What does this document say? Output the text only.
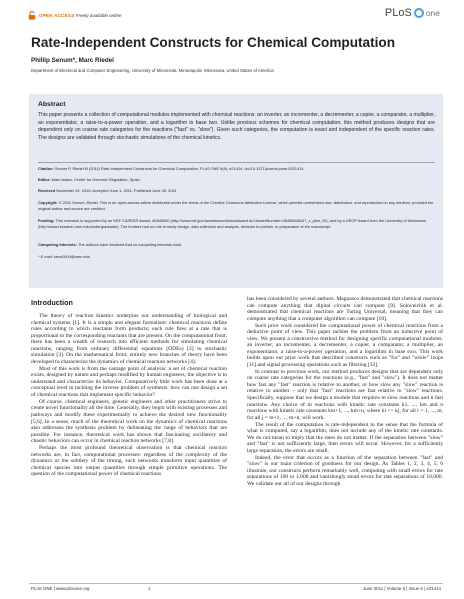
OPEN ACCESS Freely available online	PLoS one
Rate-Independent Constructs for Chemical Computation
Phillip Senum*, Marc Riedel
Department of Electrical and Computer Engineering, University of Minnesota, Minneapolis, Minnesota, United States of America
Abstract
This paper presents a collection of computational modules implemented with chemical reactions: an inverter, an incrementer, a decrementer, a copier, a comparator, a multiplier, an exponentiator, a raise-to-a-power operation, and a logarithm in base two. Unlike previous schemes for chemical computation, this method produces designs that are dependent only on coarse rate categories for the reactions ("fast" vs. "slow"). Given such categories, the computation is exact and independent of the specific reaction rates. The designs are validated through stochastic simulations of the chemical kinetics.
Citation: Senum P, Riedel M (2011) Rate-Independent Constructs for Chemical Computation. PLoS ONE 6(6): e21414. doi:10.1371/journal.pone.0021414
Editor: Marc Isalan, Center for Genomic Regulation, Spain
Received November 24, 2010; Accepted June 1, 2011; Published June 30, 2011
Copyright: © 2011 Senum, Riedel. This is an open-access article distributed under the terms of the Creative Commons Attribution License, which permits unrestricted use, distribution, and reproduction in any medium, provided the original author and source are credited.
Funding: This research is supported by an NSF CAREER Award, #0845650 (http://www.nsf.gov/awardsearch/showAward.do?AwardNumber=0845650&WT_z_pbm_ID), and by a UROP Award from the University of Minnesota (http://www.research.umn.edu/undergraduate/). The funders had no role in study design, data collection and analysis, decision to publish, or preparation of the manuscript.
Competing Interests: The authors have declared that no competing interests exist.
* E-mail: senu0004@umn.edu
Introduction

The theory of reaction kinetics underpins our understanding of biological and chemical systems [1]. It is a simple and elegant formalism: chemical reactions define rules according to which reactants form products; each rule fires at a rate that is proportional to the corresponding reactants that are present. On the computational front, there has been a wealth of research into efficient methods for simulating chemical reactions, ranging from ordinary differential equations (ODEs) [2] to stochastic simulation [3]. On the mathematical front, entirely new branches of theory have been developed to characterize the dynamics of chemical reaction networks [4].

Most of this work is from the vantage point of analysis: a set of chemical reaction exists, designed by nature and perhaps modified by human engineers; the objective is to understand and characterize its behavior. Comparatively little work has been done at a conceptual level in tackling the inverse problem of synthesis: how can one design a set of chemical reactions that implement specific behavior?

Of course, chemical engineers, genetic engineers and other practitioners strive to create novel functionality all the time. Generally, they begin with existing processes and pathways and modify these experimentally to achieve the desired new functionality [5,6]. In a sense, much of the theoretical work on the dynamics of chemical reactions also addresses the synthesis problem by delineating the range of behaviors that are possible. For instance, theoretical work has shown that fascinating oscillatory and chaotic behaviors can occur in chemical reaction networks [7,8].

Perhaps the most profound theoretical observation is that chemical reaction networks are, in fact, computational processes: regardless of the complexity of the dynamics or the subtlety of the timing, such networks transform input quantities of chemical species into output quantities through simple primitive operations. The question of the computational power of chemical reactions

has been considered by several authors. Magnasco demonstrated that chemical reactions can compute anything that digital circuits can compute [9]. Soloveichik et al. demonstrated that chemical reactions are Turing Universal, meaning that they can compute anything that a computer algorithm can compute [10].

Such prior work considered the computational power of chemical reactions from a deductive point of view. This paper tackles the problem from an inductive point of view. We present a constructive method for designing specific computational modules: an inverter, an incrementer, a decrementer, a copier, a comparator, a multiplier, an exponentiator, a raise-to-a-power operation, and a logarithm in base two. This work builds upon our prior work that described constructs such as "for" and "while" loops [11] and signal processing operations such as filtering [12].

In contrast to previous work, our method produces designs that are dependent only on coarse rate categories for the reactions (e.g., "fast" and "slow"). It does not matter how fast any "fast" reaction is relative to another, or how slow any "slow" reaction is relative to another – only that "fast" reactions are fast relative to "slow" reactions. Specifically, suppose that we design a module that requires m slow reactions and n fast reactions. Any choice of m reactions with kinetic rate constants k1, ..., km and n reactions with kinetic rate constants km+1, ..., km+n, where ki << kj, for all i = 1, ..., m, for all j = m+1, ..., m+n, will work.

The result of the computation is rate-independent in the sense that the formula of what is computed, say a logarithm, does not include any of the kinetic rate constants. We do not mean to imply that the rates do not matter. If the separation between "slow" and "fast" is not sufficiently large, then errors will occur. However, for a sufficiently large separation, the errors are small.

Indeed, the error that occurs as a function of the separation between "fast" and "slow" is our main criterion of goodness for our design. As Tables 1, 2, 3, 4, 5, 6 illustrate, our constructs perform remarkably well, computing with small errors for rate separations of 100 or 1,000 and vanishingly small errors for rate separations of 10,000. We validate our all of our designs through

PLoS ONE | www.plosone.org	1	June 2011 | Volume 6 | Issue 6 | e21414
